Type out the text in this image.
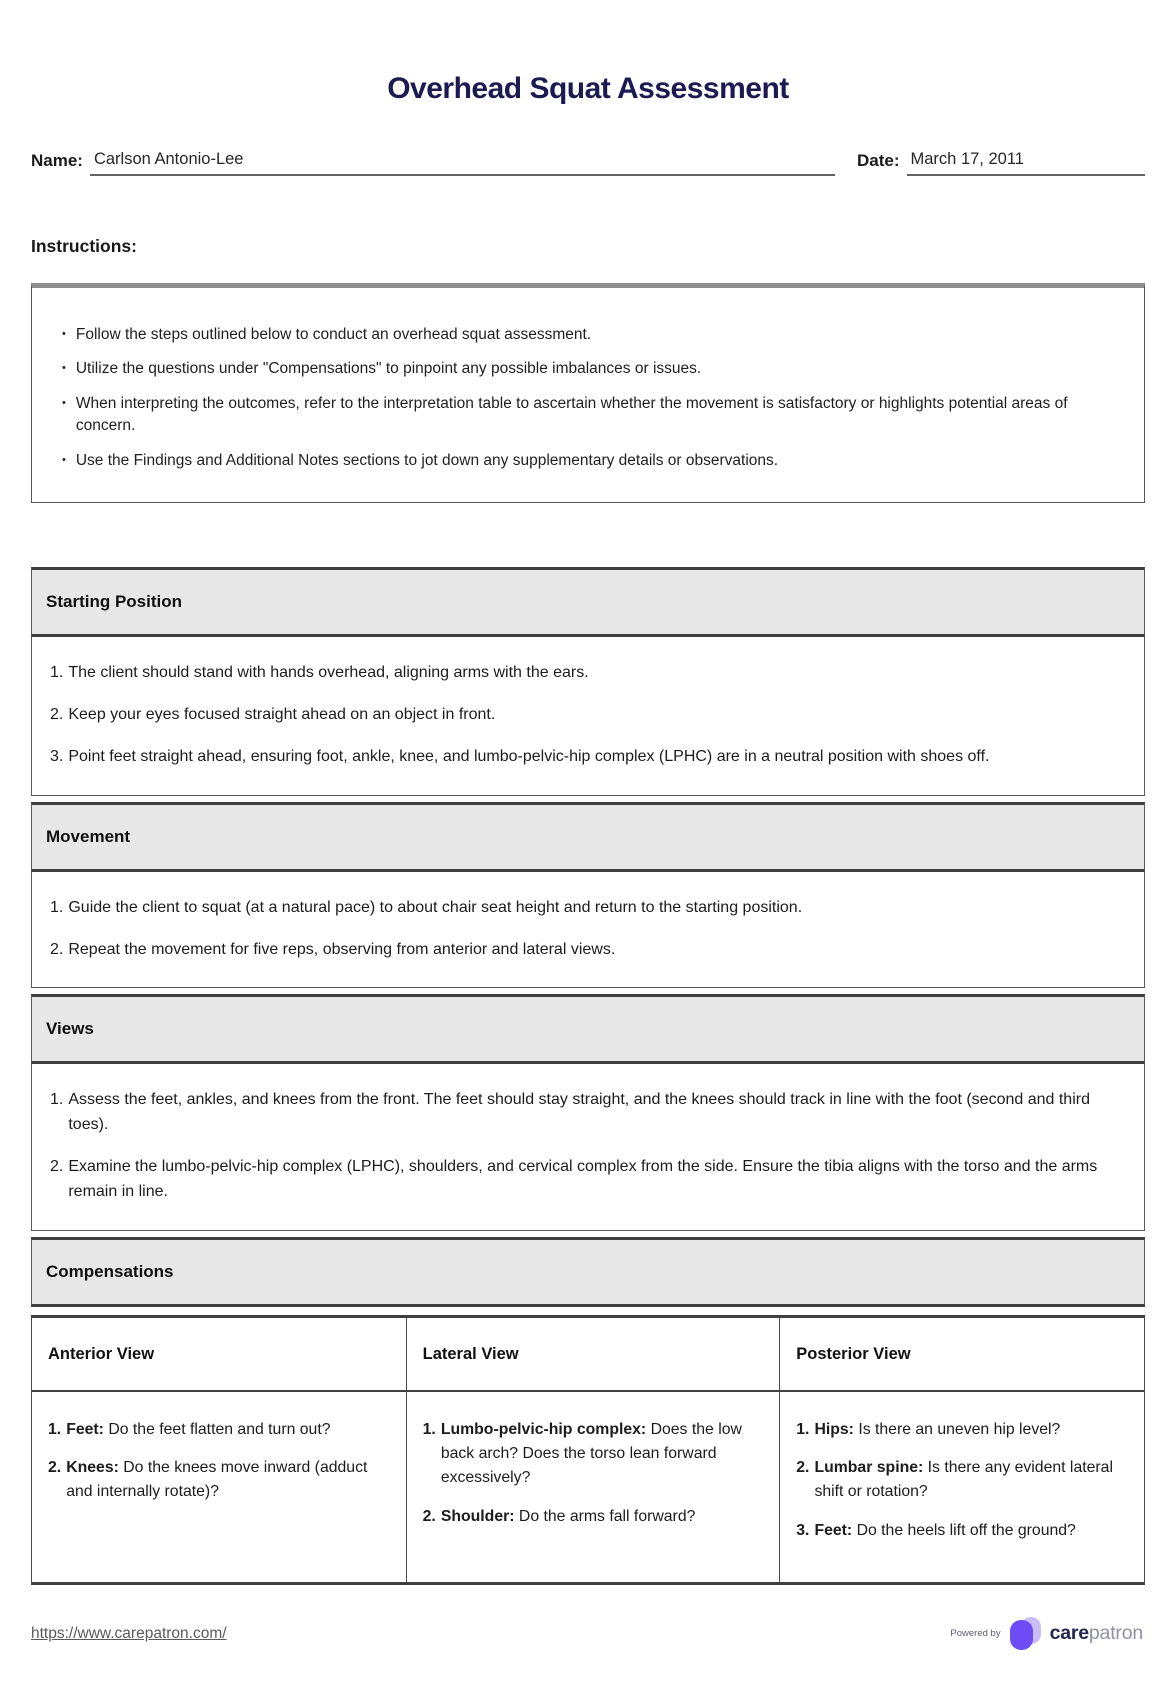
Overhead Squat Assessment
Name: Carlson Antonio-Lee	Date: March 17, 2011
Instructions:
• Follow the steps outlined below to conduct an overhead squat assessment.
• Utilize the questions under "Compensations" to pinpoint any possible imbalances or issues.
• When interpreting the outcomes, refer to the interpretation table to ascertain whether the movement is satisfactory or highlights potential areas of concern.
• Use the Findings and Additional Notes sections to jot down any supplementary details or observations.
Starting Position
1. The client should stand with hands overhead, aligning arms with the ears.
2. Keep your eyes focused straight ahead on an object in front.
3. Point feet straight ahead, ensuring foot, ankle, knee, and lumbo-pelvic-hip complex (LPHC) are in a neutral position with shoes off.
Movement
1. Guide the client to squat (at a natural pace) to about chair seat height and return to the starting position.
2. Repeat the movement for five reps, observing from anterior and lateral views.
Views
1. Assess the feet, ankles, and knees from the front. The feet should stay straight, and the knees should track in line with the foot (second and third toes).
2. Examine the lumbo-pelvic-hip complex (LPHC), shoulders, and cervical complex from the side. Ensure the tibia aligns with the torso and the arms remain in line.
Compensations
Anterior View
1. Feet: Do the feet flatten and turn out?
2. Knees: Do the knees move inward (adduct and internally rotate)?
Lateral View
1. Lumbo-pelvic-hip complex: Does the low back arch? Does the torso lean forward excessively?
2. Shoulder: Do the arms fall forward?
Posterior View
1. Hips: Is there an uneven hip level?
2. Lumbar spine: Is there any evident lateral shift or rotation?
3. Feet: Do the heels lift off the ground?
https://www.carepatron.com/	Powered by	carepatron
